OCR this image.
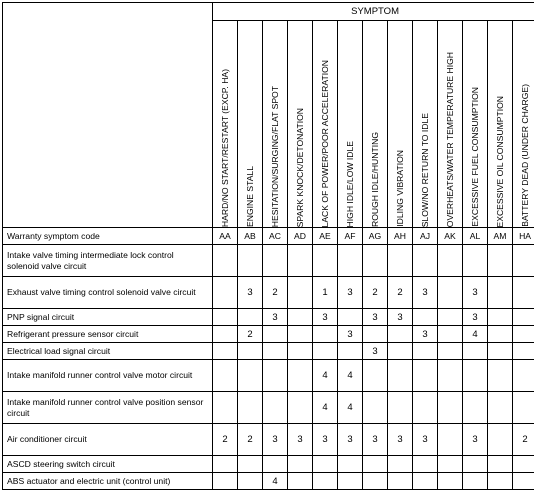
	SYMPTOM												

	HARD/NO START/RESTART (EXCP. HA)	ENGINE STALL	HESITATION/SURGING/FLAT SPOT	SPARK KNOCK/DETONATION	LACK OF POWER/POOR ACCELERATION	HIGH IDLE/LOW IDLE	ROUGH IDLE/HUNTING	IDLING VIBRATION	SLOW/NO RETURN TO IDLE	OVERHEATS/WATER TEMPERATURE HIGH	EXCESSIVE FUEL CONSUMPTION	EXCESSIVE OIL CONSUMPTION	BATTERY DEAD (UNDER CHARGE)

Warranty symptom code	AA	AB	AC	AD	AE	AF	AG	AH	AJ	AK	AL	AM	HA
Intake valve timing intermediate lock control solenoid valve circuit													
Exhaust valve timing control solenoid valve circuit		3	2		1	3	2	2	3		3		
PNP signal circuit			3		3		3	3			3		
Refrigerant pressure sensor circuit		2				3			3		4		
Electrical load signal circuit							3						
Intake manifold runner control valve motor circuit					4	4							
Intake manifold runner control valve position sensor circuit					4	4							
Air conditioner circuit	2	2	3	3	3	3	3	3	3		3		2
ASCD steering switch circuit													
ABS actuator and electric unit (control unit)			4										
